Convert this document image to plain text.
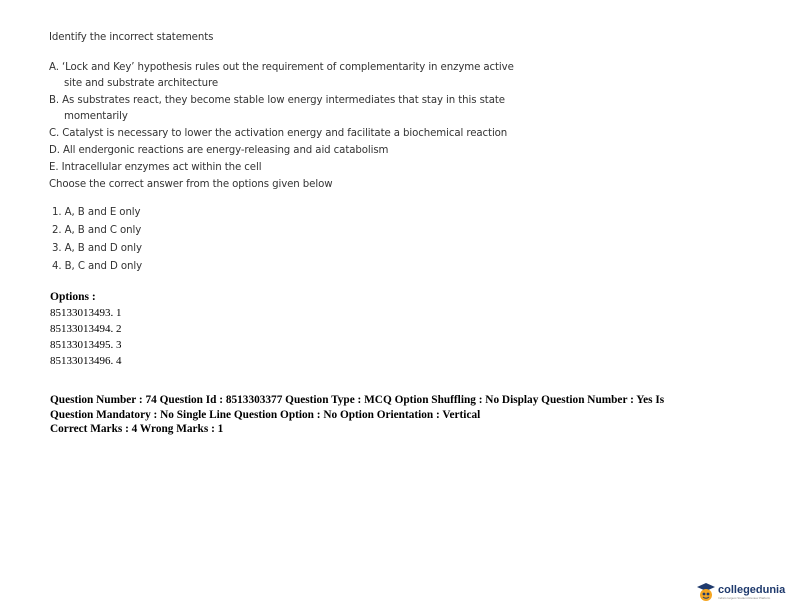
Identify the incorrect statements

A. ‘Lock and Key’ hypothesis rules out the requirement of complementarity in enzyme active
site and substrate architecture

B. As substrates react, they become stable low energy intermediates that stay in this state
momentarily

C. Catalyst is necessary to lower the activation energy and facilitate a biochemical reaction

D. All endergonic reactions are energy-releasing and aid catabolism

E. Intracellular enzymes act within the cell

Choose the correct answer from the options given below

1. A, B and E only
2. A, B and C only
3. A, B and D only
4. B, C and D only

Options :

85133013493. 1

85133013494. 2

85133013495. 3

85133013496. 4

Question Number : 74 Question Id : 8513303377 Question Type : MCQ Option Shuffling : No Display Question Number : Yes Is
Question Mandatory : No Single Line Question Option : No Option Orientation : Vertical
Correct Marks : 4 Wrong Marks : 1

collegedunia
India's largest Student Review Platform
